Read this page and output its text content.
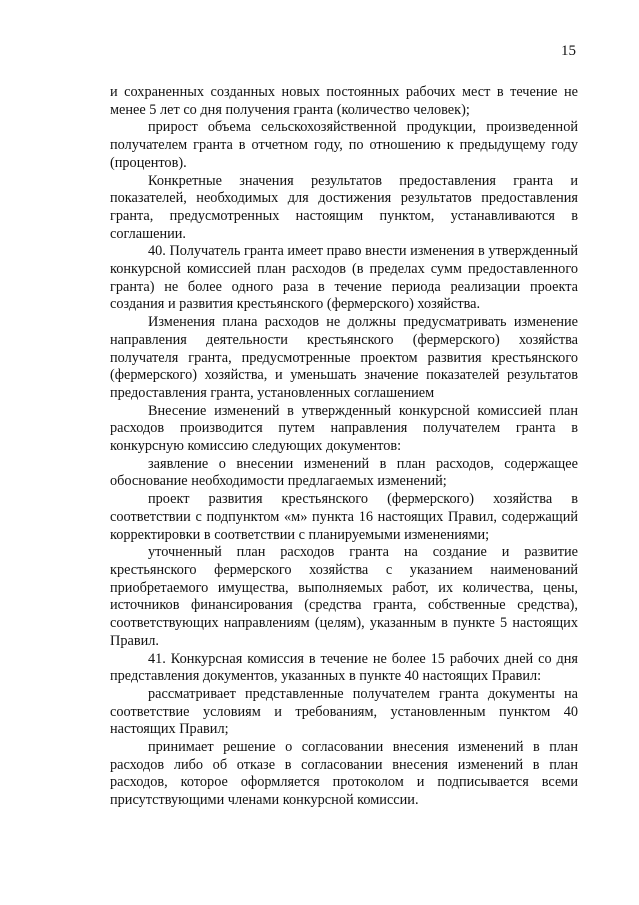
15

и сохраненных созданных новых постоянных рабочих мест в течение не менее 5 лет со дня получения гранта (количество человек);

прирост объема сельскохозяйственной продукции, произведенной получателем гранта в отчетном году, по отношению к предыдущему году (процентов).

Конкретные значения результатов предоставления гранта и показателей, необходимых для достижения результатов предоставления гранта, предусмотренных настоящим пунктом, устанавливаются в соглашении.

40. Получатель гранта имеет право внести изменения в утвержденный конкурсной комиссией план расходов (в пределах сумм предоставленного гранта) не более одного раза в течение периода реализации проекта создания и развития крестьянского (фермерского) хозяйства.

Изменения плана расходов не должны предусматривать изменение направления деятельности крестьянского (фермерского) хозяйства получателя гранта, предусмотренные проектом развития крестьянского (фермерского) хозяйства, и уменьшать значение показателей результатов предоставления гранта, установленных соглашением

Внесение изменений в утвержденный конкурсной комиссией план расходов производится путем направления получателем гранта в конкурсную комиссию следующих документов:

заявление о внесении изменений в план расходов, содержащее обоснование необходимости предлагаемых изменений;

проект развития крестьянского (фермерского) хозяйства в соответствии с подпунктом «м» пункта 16 настоящих Правил, содержащий корректировки в соответствии с планируемыми изменениями;

уточненный план расходов гранта на создание и развитие крестьянского фермерского хозяйства с указанием наименований приобретаемого имущества, выполняемых работ, их количества, цены, источников финансирования (средства гранта, собственные средства), соответствующих направлениям (целям), указанным в пункте 5 настоящих Правил.

41. Конкурсная комиссия в течение не более 15 рабочих дней со дня представления документов, указанных в пункте 40 настоящих Правил:

рассматривает представленные получателем гранта документы на соответствие условиям и требованиям, установленным пунктом 40 настоящих Правил;

принимает решение о согласовании внесения изменений в план расходов либо об отказе в согласовании внесения изменений в план расходов, которое оформляется протоколом и подписывается всеми присутствующими членами конкурсной комиссии.
